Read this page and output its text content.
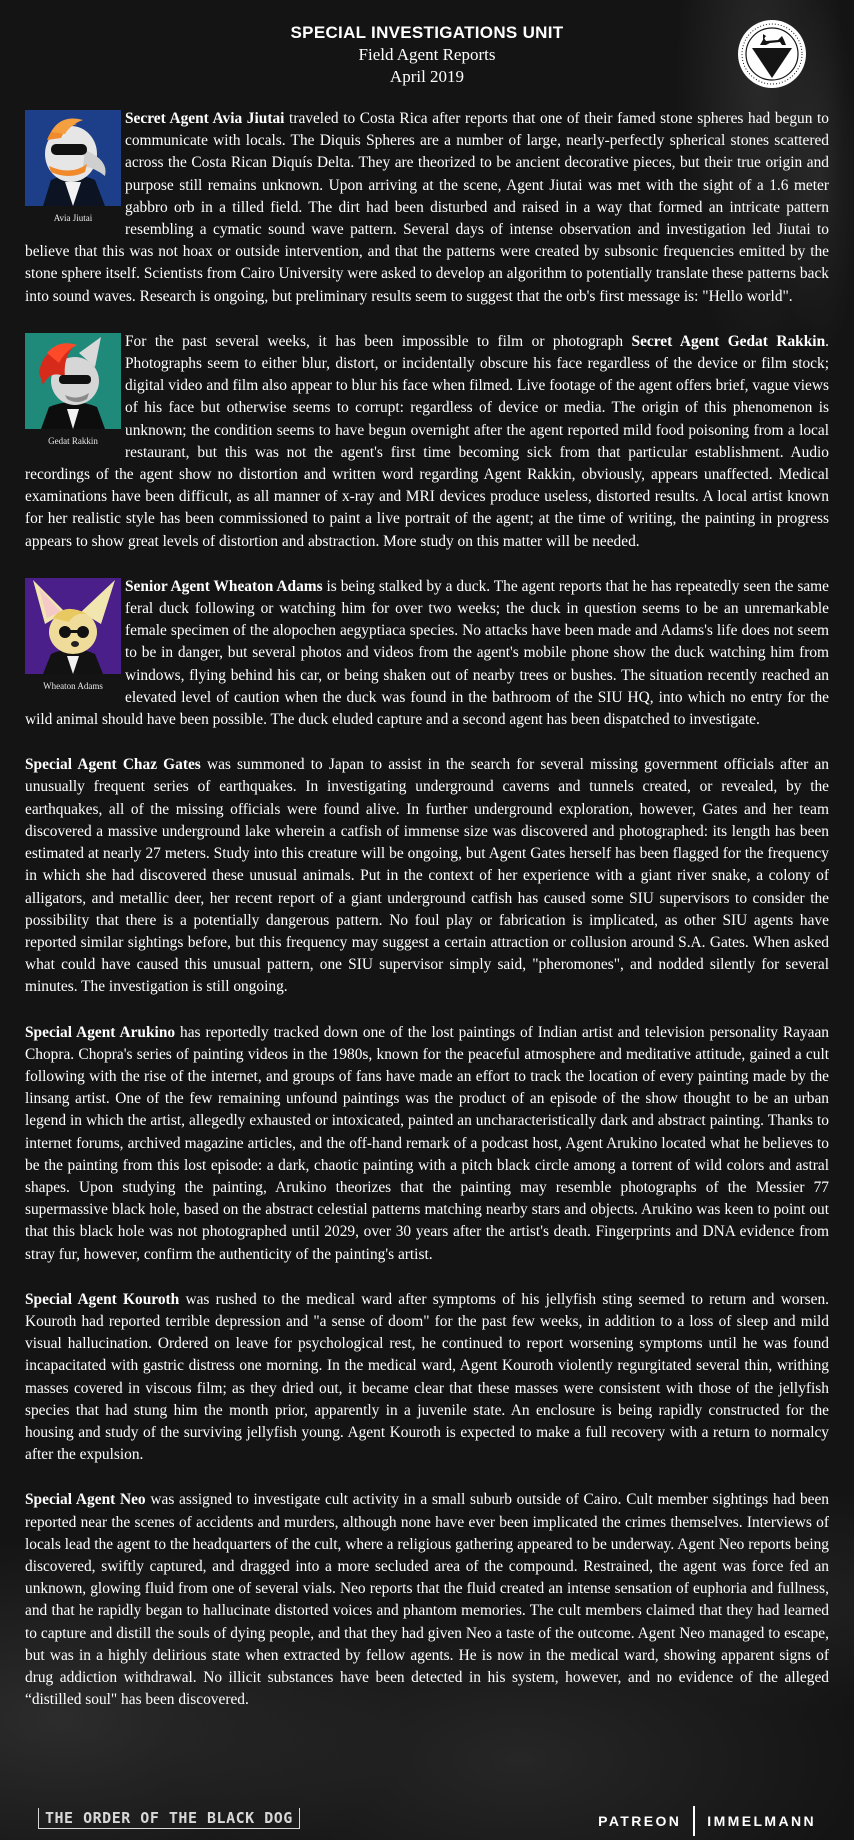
SPECIAL INVESTIGATIONS UNIT
Field Agent Reports
April 2019

Avia Jiutai
Secret Agent Avia Jiutai traveled to Costa Rica after reports that one of their famed stone spheres had begun to communicate with locals. The Diquis Spheres are a number of large, nearly-perfectly spherical stones scattered across the Costa Rican Diquís Delta. They are theorized to be ancient decorative pieces, but their true origin and purpose still remains unknown. Upon arriving at the scene, Agent Jiutai was met with the sight of a 1.6 meter gabbro orb in a tilled field. The dirt had been disturbed and raised in a way that formed an intricate pattern resembling a cymatic sound wave pattern. Several days of intense observation and investigation led Jiutai to believe that this was not hoax or outside intervention, and that the patterns were created by subsonic frequencies emitted by the stone sphere itself. Scientists from Cairo University were asked to develop an algorithm to potentially translate these patterns back into sound waves. Research is ongoing, but preliminary results seem to suggest that the orb's first message is: "Hello world".

Gedat Rakkin
For the past several weeks, it has been impossible to film or photograph Secret Agent Gedat Rakkin. Photographs seem to either blur, distort, or incidentally obscure his face regardless of the device or film stock; digital video and film also appear to blur his face when filmed. Live footage of the agent offers brief, vague views of his face but otherwise seems to corrupt: regardless of device or media. The origin of this phenomenon is unknown; the condition seems to have begun overnight after the agent reported mild food poisoning from a local restaurant, but this was not the agent's first time becoming sick from that particular establishment. Audio recordings of the agent show no distortion and written word regarding Agent Rakkin, obviously, appears unaffected. Medical examinations have been difficult, as all manner of x-ray and MRI devices produce useless, distorted results. A local artist known for her realistic style has been commissioned to paint a live portrait of the agent; at the time of writing, the painting in progress appears to show great levels of distortion and abstraction. More study on this matter will be needed.

Wheaton Adams
Senior Agent Wheaton Adams is being stalked by a duck. The agent reports that he has repeatedly seen the same feral duck following or watching him for over two weeks; the duck in question seems to be an unremarkable female specimen of the alopochen aegyptiaca species. No attacks have been made and Adams's life does not seem to be in danger, but several photos and videos from the agent's mobile phone show the duck watching him from windows, flying behind his car, or being shaken out of nearby trees or bushes. The situation recently reached an elevated level of caution when the duck was found in the bathroom of the SIU HQ, into which no entry for the wild animal should have been possible. The duck eluded capture and a second agent has been dispatched to investigate.

Special Agent Chaz Gates was summoned to Japan to assist in the search for several missing government officials after an unusually frequent series of earthquakes. In investigating underground caverns and tunnels created, or revealed, by the earthquakes, all of the missing officials were found alive. In further underground exploration, however, Gates and her team discovered a massive underground lake wherein a catfish of immense size was discovered and photographed: its length has been estimated at nearly 27 meters. Study into this creature will be ongoing, but Agent Gates herself has been flagged for the frequency in which she had discovered these unusual animals. Put in the context of her experience with a giant river snake, a colony of alligators, and metallic deer, her recent report of a giant underground catfish has caused some SIU supervisors to consider the possibility that there is a potentially dangerous pattern. No foul play or fabrication is implicated, as other SIU agents have reported similar sightings before, but this frequency may suggest a certain attraction or collusion around S.A. Gates. When asked what could have caused this unusual pattern, one SIU supervisor simply said, "pheromones", and nodded silently for several minutes. The investigation is still ongoing.

Special Agent Arukino has reportedly tracked down one of the lost paintings of Indian artist and television personality Rayaan Chopra. Chopra's series of painting videos in the 1980s, known for the peaceful atmosphere and meditative attitude, gained a cult following with the rise of the internet, and groups of fans have made an effort to track the location of every painting made by the linsang artist. One of the few remaining unfound paintings was the product of an episode of the show thought to be an urban legend in which the artist, allegedly exhausted or intoxicated, painted an uncharacteristically dark and abstract painting. Thanks to internet forums, archived magazine articles, and the off-hand remark of a podcast host, Agent Arukino located what he believes to be the painting from this lost episode: a dark, chaotic painting with a pitch black circle among a torrent of wild colors and astral shapes. Upon studying the painting, Arukino theorizes that the painting may resemble photographs of the Messier 77 supermassive black hole, based on the abstract celestial patterns matching nearby stars and objects. Arukino was keen to point out that this black hole was not photographed until 2029, over 30 years after the artist's death. Fingerprints and DNA evidence from stray fur, however, confirm the authenticity of the painting's artist.

Special Agent Kouroth was rushed to the medical ward after symptoms of his jellyfish sting seemed to return and worsen. Kouroth had reported terrible depression and "a sense of doom" for the past few weeks, in addition to a loss of sleep and mild visual hallucination. Ordered on leave for psychological rest, he continued to report worsening symptoms until he was found incapacitated with gastric distress one morning. In the medical ward, Agent Kouroth violently regurgitated several thin, writhing masses covered in viscous film; as they dried out, it became clear that these masses were consistent with those of the jellyfish species that had stung him the month prior, apparently in a juvenile state. An enclosure is being rapidly constructed for the housing and study of the surviving jellyfish young. Agent Kouroth is expected to make a full recovery with a return to normalcy after the expulsion.

Special Agent Neo was assigned to investigate cult activity in a small suburb outside of Cairo. Cult member sightings had been reported near the scenes of accidents and murders, although none have ever been implicated the crimes themselves. Interviews of locals lead the agent to the headquarters of the cult, where a religious gathering appeared to be underway. Agent Neo reports being discovered, swiftly captured, and dragged into a more secluded area of the compound. Restrained, the agent was force fed an unknown, glowing fluid from one of several vials. Neo reports that the fluid created an intense sensation of euphoria and fullness, and that he rapidly began to hallucinate distorted voices and phantom memories. The cult members claimed that they had learned to capture and distill the souls of dying people, and that they had given Neo a taste of the outcome. Agent Neo managed to escape, but was in a highly delirious state when extracted by fellow agents. He is now in the medical ward, showing apparent signs of drug addiction withdrawal. No illicit substances have been detected in his system, however, and no evidence of the alleged “distilled soul" has been discovered.

THE ORDER OF THE BLACK DOG	PATREON IMMELMANN
